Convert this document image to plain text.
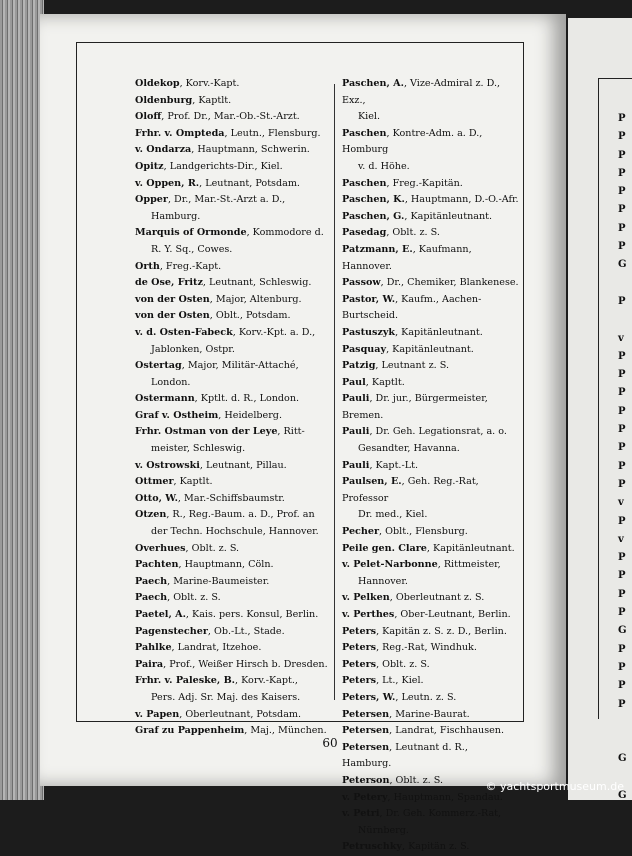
P
P
P
P
P
P
P
P
G

P

v
P
P
P
P
P
P
P
P
v
P
v
P
P
P
P
G
P
P
P
P

G

G
Oldekop, Korv.-Kapt.
Oldenburg, Kaptlt.
Oloff, Prof. Dr., Mar.-Ob.-St.-Arzt.
Frhr. v. Ompteda, Leutn., Flensburg.
v. Ondarza, Hauptmann, Schwerin.
Opitz, Landgerichts-Dir., Kiel.
v. Oppen, R., Leutnant, Potsdam.
Opper, Dr., Mar.-St.-Arzt a. D.,
Hamburg.
Marquis of Ormonde, Kommodore d.
R. Y. Sq., Cowes.
Orth, Freg.-Kapt.
de Ose, Fritz, Leutnant, Schleswig.
von der Osten, Major, Altenburg.
von der Osten, Oblt., Potsdam.
v. d. Osten-Fabeck, Korv.-Kpt. a. D.,
Jablonken, Ostpr.
Ostertag, Major, Militär-Attaché,
London.
Ostermann, Kptlt. d. R., London.
Graf v. Ostheim, Heidelberg.
Frhr. Ostman von der Leye, Ritt-
meister, Schleswig.
v. Ostrowski, Leutnant, Pillau.
Ottmer, Kaptlt.
Otto, W., Mar.-Schiffsbaumstr.
Otzen, R., Reg.-Baum. a. D., Prof. an
der Techn. Hochschule, Hannover.
Overhues, Oblt. z. S.
Pachten, Hauptmann, Cöln.
Paech, Marine-Baumeister.
Paech, Oblt. z. S.
Paetel, A., Kais. pers. Konsul, Berlin.
Pagenstecher, Ob.-Lt., Stade.
Pahlke, Landrat, Itzehoe.
Paira, Prof., Weißer Hirsch b. Dresden.
Frhr. v. Paleske, B., Korv.-Kapt.,
Pers. Adj. Sr. Maj. des Kaisers.
v. Papen, Oberleutnant, Potsdam.
Graf zu Pappenheim, Maj., München.
Paschen, A., Vize-Admiral z. D., Exz.,
Kiel.
Paschen, Kontre-Adm. a. D., Homburg
v. d. Höhe.
Paschen, Freg.-Kapitän.
Paschen, K., Hauptmann, D.-O.-Afr.
Paschen, G., Kapitänleutnant.
Pasedag, Oblt. z. S.
Patzmann, E., Kaufmann, Hannover.
Passow, Dr., Chemiker, Blankenese.
Pastor, W., Kaufm., Aachen-Burtscheid.
Pastuszyk, Kapitänleutnant.
Pasquay, Kapitänleutnant.
Patzig, Leutnant z. S.
Paul, Kaptlt.
Pauli, Dr. jur., Bürgermeister, Bremen.
Pauli, Dr. Geh. Legationsrat, a. o.
Gesandter, Havanna.
Pauli, Kapt.-Lt.
Paulsen, E., Geh. Reg.-Rat, Professor
Dr. med., Kiel.
Pecher, Oblt., Flensburg.
Peile gen. Clare, Kapitänleutnant.
v. Pelet-Narbonne, Rittmeister,
Hannover.
v. Pelken, Oberleutnant z. S.
v. Perthes, Ober-Leutnant, Berlin.
Peters, Kapitän z. S. z. D., Berlin.
Peters, Reg.-Rat, Windhuk.
Peters, Oblt. z. S.
Peters, Lt., Kiel.
Peters, W., Leutn. z. S.
Petersen, Marine-Baurat.
Petersen, Landrat, Fischhausen.
Petersen, Leutnant d. R., Hamburg.
Peterson, Oblt. z. S.
v. Petery, Hauptmann, Spandau.
v. Petri, Dr. Geh. Kommerz.-Rat,
Nürnberg.
Petruschky, Kapitän z. S.
60
© yachtsportmuseum.de
